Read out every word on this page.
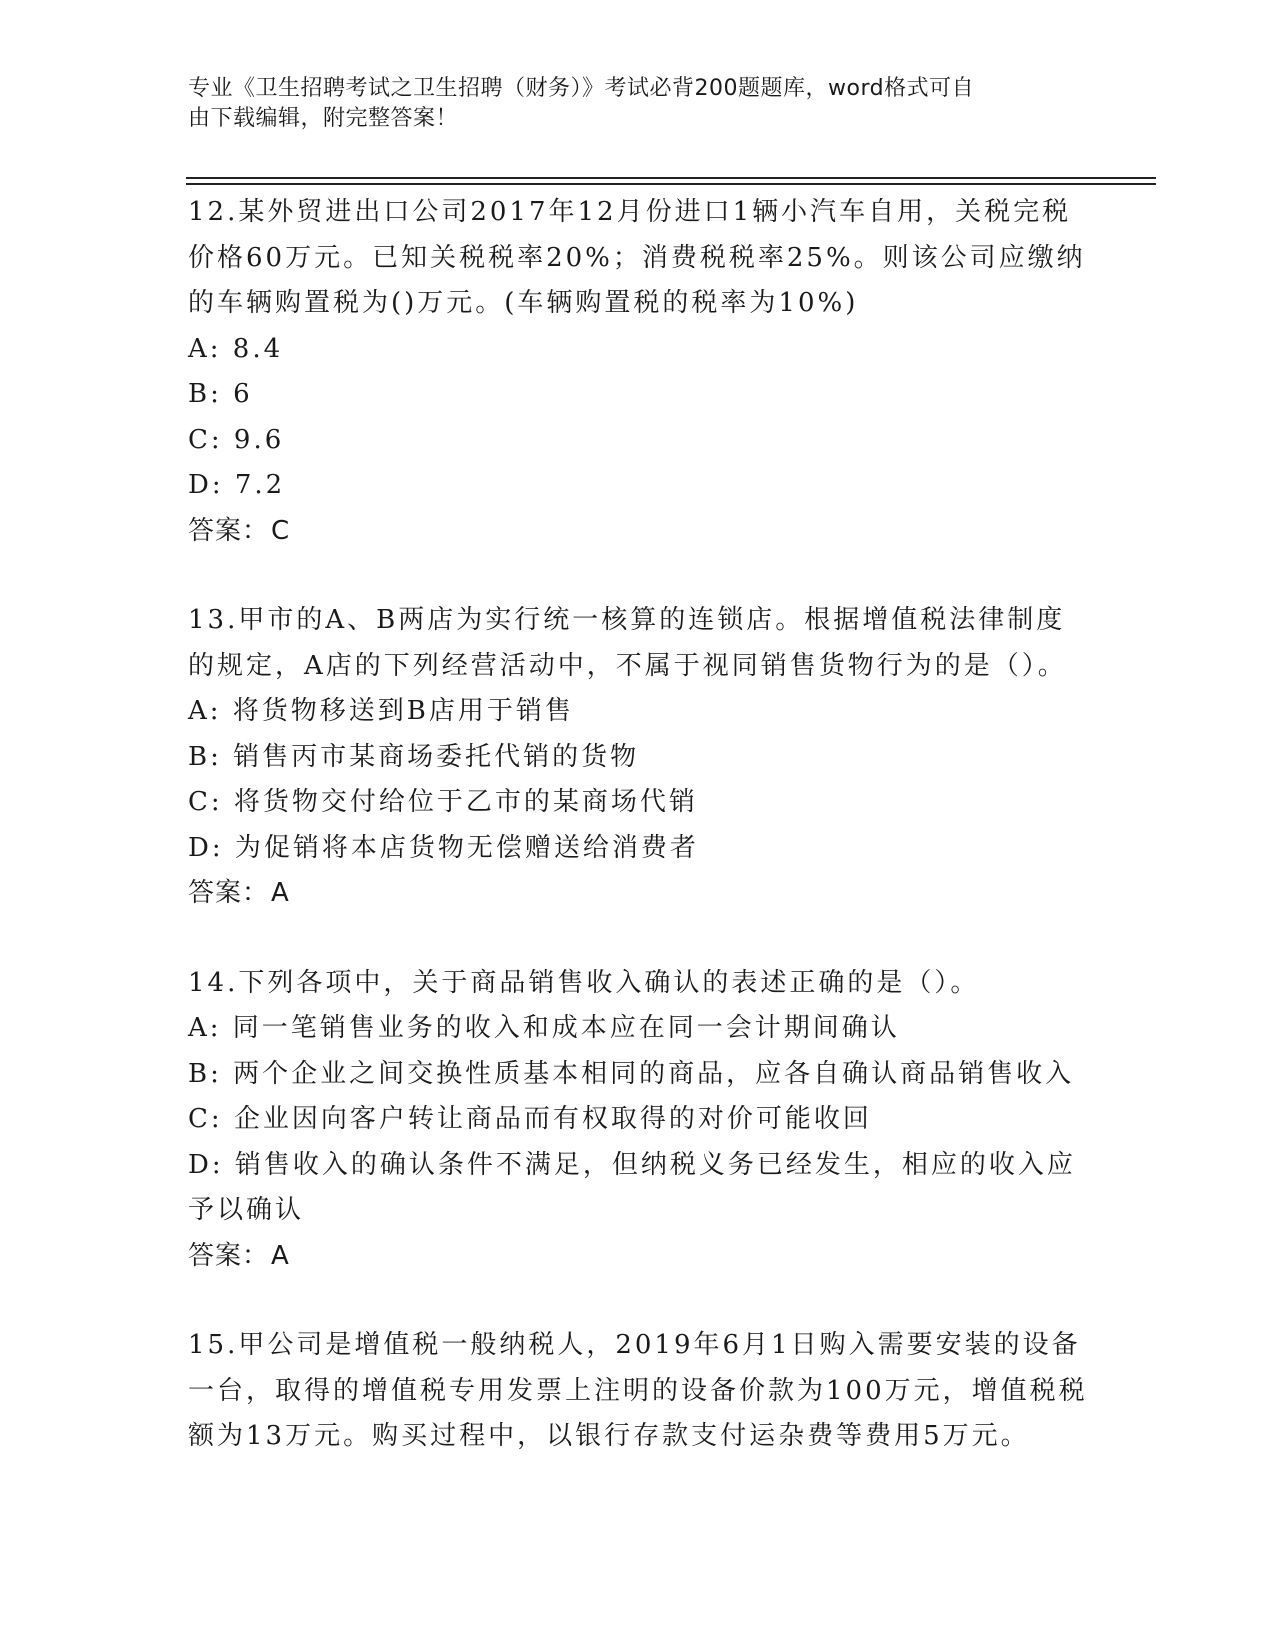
专业《卫生招聘考试之卫生招聘（财务）》考试必背200题题库，word格式可自
由下载编辑，附完整答案！

12.某外贸进出口公司2017年12月份进口1辆小汽车自用，关税完税价格60万元。已知关税税率20%；消费税税率25%。则该公司应缴纳的车辆购置税为()万元。(车辆购置税的税率为10%)

A: 8.4

B: 6

C: 9.6

D: 7.2

答案：C

13.甲市的A、B两店为实行统一核算的连锁店。根据增值税法律制度的规定，A店的下列经营活动中，不属于视同销售货物行为的是（）。

A: 将货物移送到B店用于销售

B: 销售丙市某商场委托代销的货物

C: 将货物交付给位于乙市的某商场代销

D: 为促销将本店货物无偿赠送给消费者

答案：A

14.下列各项中，关于商品销售收入确认的表述正确的是（）。

A: 同一笔销售业务的收入和成本应在同一会计期间确认

B: 两个企业之间交换性质基本相同的商品，应各自确认商品销售收入

C: 企业因向客户转让商品而有权取得的对价可能收回

D: 销售收入的确认条件不满足，但纳税义务已经发生，相应的收入应予以确认

答案：A

15.甲公司是增值税一般纳税人，2019年6月1日购入需要安装的设备一台，取得的增值税专用发票上注明的设备价款为100万元，增值税税额为13万元。购买过程中，以银行存款支付运杂费等费用5万元。
